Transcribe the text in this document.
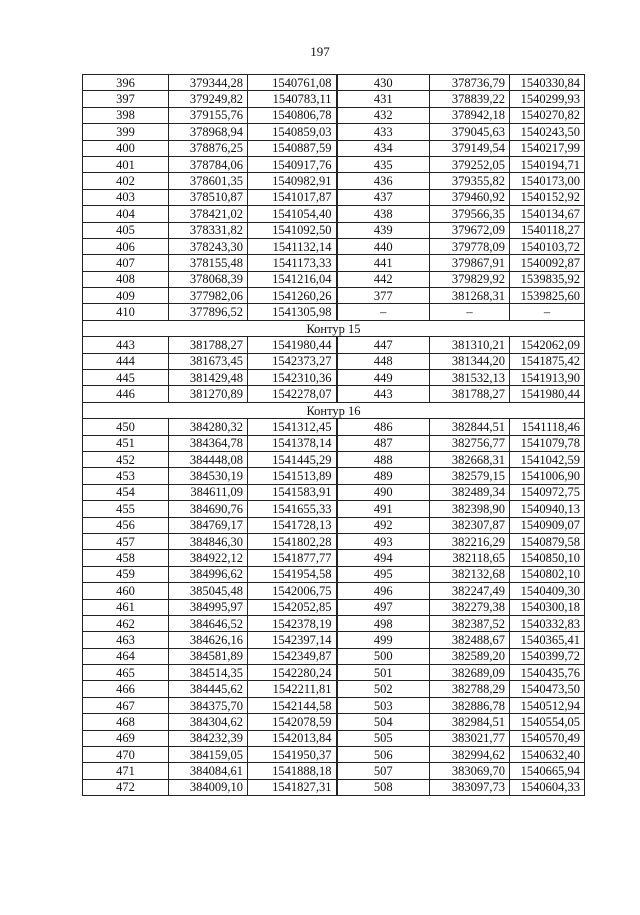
197
396	379344,28	1540761,08	430	378736,79	1540330,84
397	379249,82	1540783,11	431	378839,22	1540299,93
398	379155,76	1540806,78	432	378942,18	1540270,82
399	378968,94	1540859,03	433	379045,63	1540243,50
400	378876,25	1540887,59	434	379149,54	1540217,99
401	378784,06	1540917,76	435	379252,05	1540194,71
402	378601,35	1540982,91	436	379355,82	1540173,00
403	378510,87	1541017,87	437	379460,92	1540152,92
404	378421,02	1541054,40	438	379566,35	1540134,67
405	378331,82	1541092,50	439	379672,09	1540118,27
406	378243,30	1541132,14	440	379778,09	1540103,72
407	378155,48	1541173,33	441	379867,91	1540092,87
408	378068,39	1541216,04	442	379829,92	1539835,92
409	377982,06	1541260,26	377	381268,31	1539825,60
410	377896,52	1541305,98	–	–	–
Контур 15					
443	381788,27	1541980,44	447	381310,21	1542062,09
444	381673,45	1542373,27	448	381344,20	1541875,42
445	381429,48	1542310,36	449	381532,13	1541913,90
446	381270,89	1542278,07	443	381788,27	1541980,44
Контур 16					
450	384280,32	1541312,45	486	382844,51	1541118,46
451	384364,78	1541378,14	487	382756,77	1541079,78
452	384448,08	1541445,29	488	382668,31	1541042,59
453	384530,19	1541513,89	489	382579,15	1541006,90
454	384611,09	1541583,91	490	382489,34	1540972,75
455	384690,76	1541655,33	491	382398,90	1540940,13
456	384769,17	1541728,13	492	382307,87	1540909,07
457	384846,30	1541802,28	493	382216,29	1540879,58
458	384922,12	1541877,77	494	382118,65	1540850,10
459	384996,62	1541954,58	495	382132,68	1540802,10
460	385045,48	1542006,75	496	382247,49	1540409,30
461	384995,97	1542052,85	497	382279,38	1540300,18
462	384646,52	1542378,19	498	382387,52	1540332,83
463	384626,16	1542397,14	499	382488,67	1540365,41
464	384581,89	1542349,87	500	382589,20	1540399,72
465	384514,35	1542280,24	501	382689,09	1540435,76
466	384445,62	1542211,81	502	382788,29	1540473,50
467	384375,70	1542144,58	503	382886,78	1540512,94
468	384304,62	1542078,59	504	382984,51	1540554,05
469	384232,39	1542013,84	505	383021,77	1540570,49
470	384159,05	1541950,37	506	382994,62	1540632,40
471	384084,61	1541888,18	507	383069,70	1540665,94
472	384009,10	1541827,31	508	383097,73	1540604,33
